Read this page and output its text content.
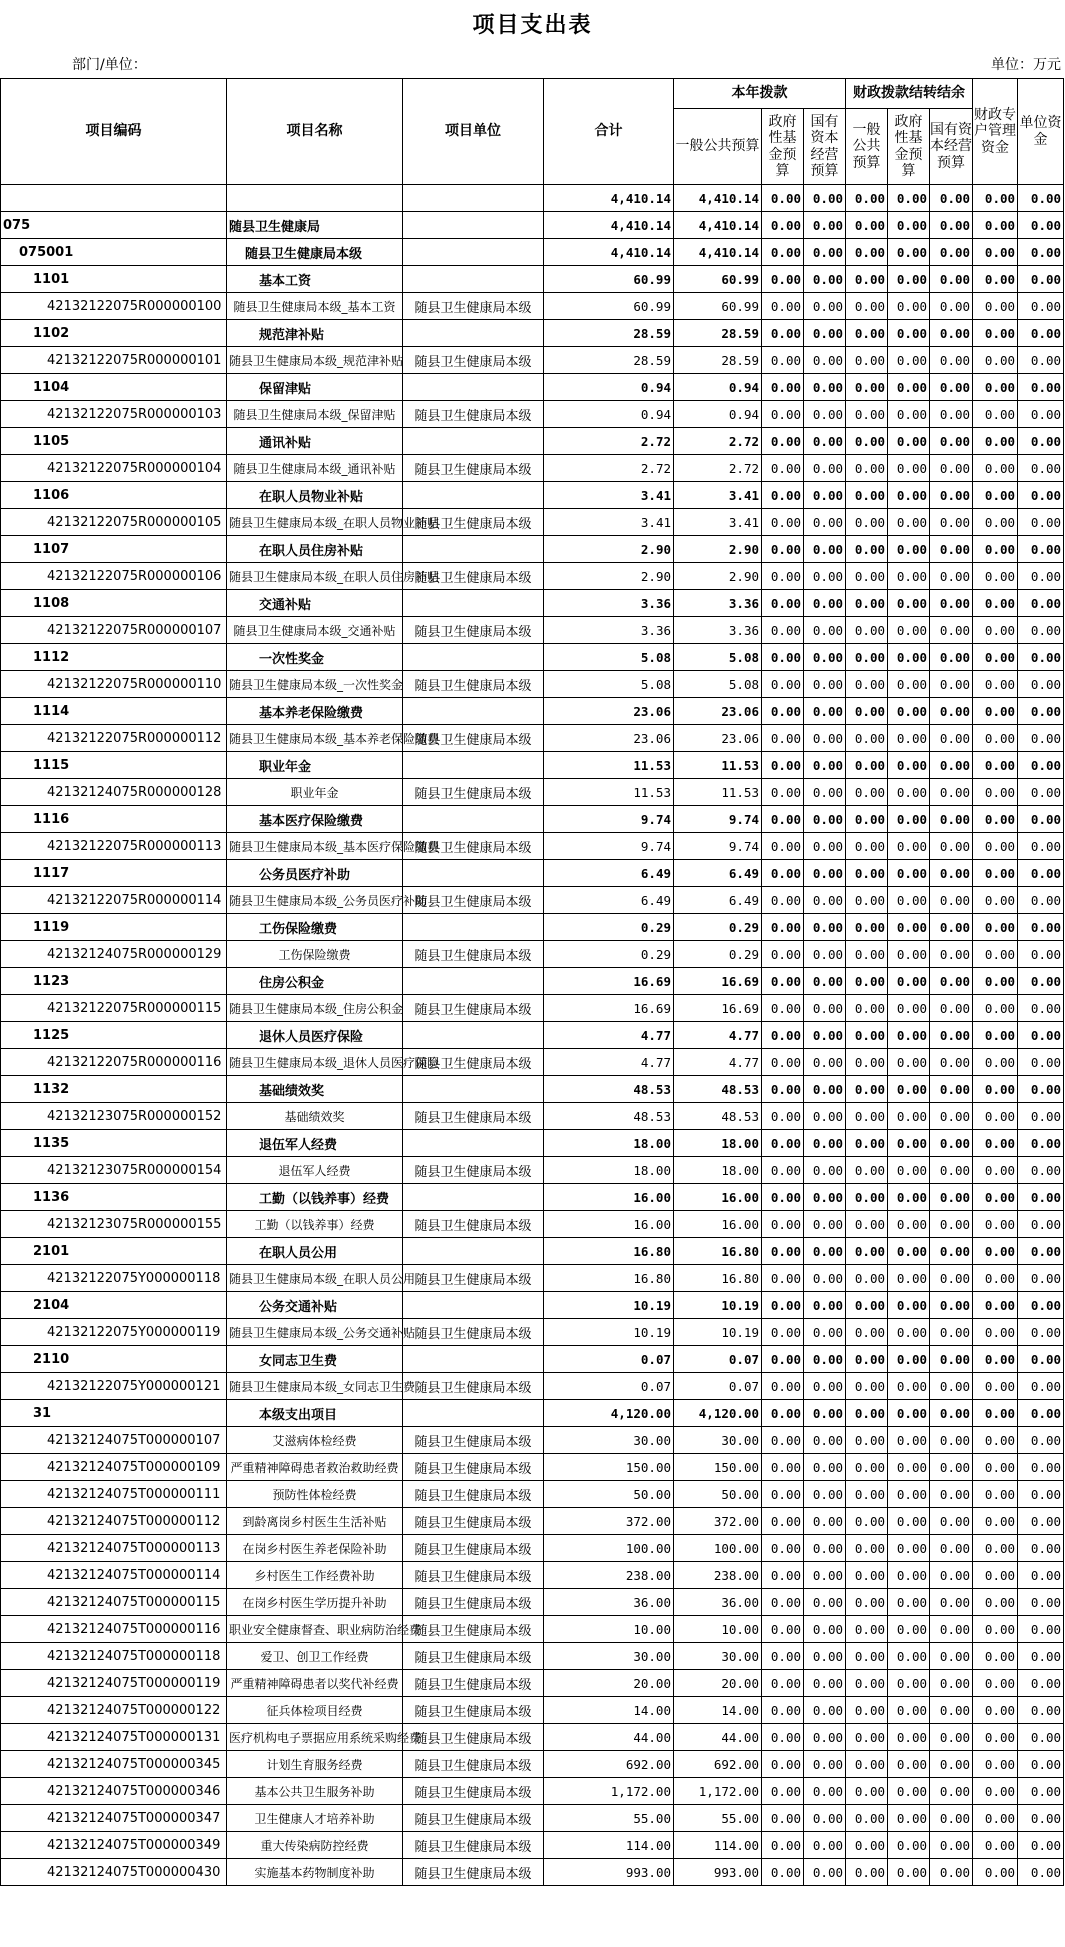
项目支出表
部门/单位：	单位：万元
项目编码	项目名称	项目单位	合计	本年拨款			财政拨款结转结余			财政专户管理资金	单位资金
				一般公共预算	政府性基金预算	国有资本经营预算	一般公共预算	政府性基金预算	国有资本经营预算		
			4,410.14	4,410.14	0.00	0.00	0.00	0.00	0.00	0.00	0.00
075	随县卫生健康局		4,410.14	4,410.14	0.00	0.00	0.00	0.00	0.00	0.00	0.00
075001	随县卫生健康局本级		4,410.14	4,410.14	0.00	0.00	0.00	0.00	0.00	0.00	0.00
1101	基本工资		60.99	60.99	0.00	0.00	0.00	0.00	0.00	0.00	0.00
42132122075R000000100	随县卫生健康局本级_基本工资	随县卫生健康局本级	60.99	60.99	0.00	0.00	0.00	0.00	0.00	0.00	0.00
1102	规范津补贴		28.59	28.59	0.00	0.00	0.00	0.00	0.00	0.00	0.00
42132122075R000000101	随县卫生健康局本级_规范津补贴	随县卫生健康局本级	28.59	28.59	0.00	0.00	0.00	0.00	0.00	0.00	0.00
1104	保留津贴		0.94	0.94	0.00	0.00	0.00	0.00	0.00	0.00	0.00
42132122075R000000103	随县卫生健康局本级_保留津贴	随县卫生健康局本级	0.94	0.94	0.00	0.00	0.00	0.00	0.00	0.00	0.00
1105	通讯补贴		2.72	2.72	0.00	0.00	0.00	0.00	0.00	0.00	0.00
42132122075R000000104	随县卫生健康局本级_通讯补贴	随县卫生健康局本级	2.72	2.72	0.00	0.00	0.00	0.00	0.00	0.00	0.00
1106	在职人员物业补贴		3.41	3.41	0.00	0.00	0.00	0.00	0.00	0.00	0.00
42132122075R000000105	随县卫生健康局本级_在职人员物业补贴	随县卫生健康局本级	3.41	3.41	0.00	0.00	0.00	0.00	0.00	0.00	0.00
1107	在职人员住房补贴		2.90	2.90	0.00	0.00	0.00	0.00	0.00	0.00	0.00
42132122075R000000106	随县卫生健康局本级_在职人员住房补贴	随县卫生健康局本级	2.90	2.90	0.00	0.00	0.00	0.00	0.00	0.00	0.00
1108	交通补贴		3.36	3.36	0.00	0.00	0.00	0.00	0.00	0.00	0.00
42132122075R000000107	随县卫生健康局本级_交通补贴	随县卫生健康局本级	3.36	3.36	0.00	0.00	0.00	0.00	0.00	0.00	0.00
1112	一次性奖金		5.08	5.08	0.00	0.00	0.00	0.00	0.00	0.00	0.00
42132122075R000000110	随县卫生健康局本级_一次性奖金	随县卫生健康局本级	5.08	5.08	0.00	0.00	0.00	0.00	0.00	0.00	0.00
1114	基本养老保险缴费		23.06	23.06	0.00	0.00	0.00	0.00	0.00	0.00	0.00
42132122075R000000112	随县卫生健康局本级_基本养老保险缴费	随县卫生健康局本级	23.06	23.06	0.00	0.00	0.00	0.00	0.00	0.00	0.00
1115	职业年金		11.53	11.53	0.00	0.00	0.00	0.00	0.00	0.00	0.00
42132124075R000000128	职业年金	随县卫生健康局本级	11.53	11.53	0.00	0.00	0.00	0.00	0.00	0.00	0.00
1116	基本医疗保险缴费		9.74	9.74	0.00	0.00	0.00	0.00	0.00	0.00	0.00
42132122075R000000113	随县卫生健康局本级_基本医疗保险缴费	随县卫生健康局本级	9.74	9.74	0.00	0.00	0.00	0.00	0.00	0.00	0.00
1117	公务员医疗补助		6.49	6.49	0.00	0.00	0.00	0.00	0.00	0.00	0.00
42132122075R000000114	随县卫生健康局本级_公务员医疗补助	随县卫生健康局本级	6.49	6.49	0.00	0.00	0.00	0.00	0.00	0.00	0.00
1119	工伤保险缴费		0.29	0.29	0.00	0.00	0.00	0.00	0.00	0.00	0.00
42132124075R000000129	工伤保险缴费	随县卫生健康局本级	0.29	0.29	0.00	0.00	0.00	0.00	0.00	0.00	0.00
1123	住房公积金		16.69	16.69	0.00	0.00	0.00	0.00	0.00	0.00	0.00
42132122075R000000115	随县卫生健康局本级_住房公积金	随县卫生健康局本级	16.69	16.69	0.00	0.00	0.00	0.00	0.00	0.00	0.00
1125	退休人员医疗保险		4.77	4.77	0.00	0.00	0.00	0.00	0.00	0.00	0.00
42132122075R000000116	随县卫生健康局本级_退休人员医疗保险	随县卫生健康局本级	4.77	4.77	0.00	0.00	0.00	0.00	0.00	0.00	0.00
1132	基础绩效奖		48.53	48.53	0.00	0.00	0.00	0.00	0.00	0.00	0.00
42132123075R000000152	基础绩效奖	随县卫生健康局本级	48.53	48.53	0.00	0.00	0.00	0.00	0.00	0.00	0.00
1135	退伍军人经费		18.00	18.00	0.00	0.00	0.00	0.00	0.00	0.00	0.00
42132123075R000000154	退伍军人经费	随县卫生健康局本级	18.00	18.00	0.00	0.00	0.00	0.00	0.00	0.00	0.00
1136	工勤（以钱养事）经费		16.00	16.00	0.00	0.00	0.00	0.00	0.00	0.00	0.00
42132123075R000000155	工勤（以钱养事）经费	随县卫生健康局本级	16.00	16.00	0.00	0.00	0.00	0.00	0.00	0.00	0.00
2101	在职人员公用		16.80	16.80	0.00	0.00	0.00	0.00	0.00	0.00	0.00
42132122075Y000000118	随县卫生健康局本级_在职人员公用	随县卫生健康局本级	16.80	16.80	0.00	0.00	0.00	0.00	0.00	0.00	0.00
2104	公务交通补贴		10.19	10.19	0.00	0.00	0.00	0.00	0.00	0.00	0.00
42132122075Y000000119	随县卫生健康局本级_公务交通补贴	随县卫生健康局本级	10.19	10.19	0.00	0.00	0.00	0.00	0.00	0.00	0.00
2110	女同志卫生费		0.07	0.07	0.00	0.00	0.00	0.00	0.00	0.00	0.00
42132122075Y000000121	随县卫生健康局本级_女同志卫生费	随县卫生健康局本级	0.07	0.07	0.00	0.00	0.00	0.00	0.00	0.00	0.00
31	本级支出项目		4,120.00	4,120.00	0.00	0.00	0.00	0.00	0.00	0.00	0.00
42132124075T000000107	艾滋病体检经费	随县卫生健康局本级	30.00	30.00	0.00	0.00	0.00	0.00	0.00	0.00	0.00
42132124075T000000109	严重精神障碍患者救治救助经费	随县卫生健康局本级	150.00	150.00	0.00	0.00	0.00	0.00	0.00	0.00	0.00
42132124075T000000111	预防性体检经费	随县卫生健康局本级	50.00	50.00	0.00	0.00	0.00	0.00	0.00	0.00	0.00
42132124075T000000112	到龄离岗乡村医生生活补贴	随县卫生健康局本级	372.00	372.00	0.00	0.00	0.00	0.00	0.00	0.00	0.00
42132124075T000000113	在岗乡村医生养老保险补助	随县卫生健康局本级	100.00	100.00	0.00	0.00	0.00	0.00	0.00	0.00	0.00
42132124075T000000114	乡村医生工作经费补助	随县卫生健康局本级	238.00	238.00	0.00	0.00	0.00	0.00	0.00	0.00	0.00
42132124075T000000115	在岗乡村医生学历提升补助	随县卫生健康局本级	36.00	36.00	0.00	0.00	0.00	0.00	0.00	0.00	0.00
42132124075T000000116	职业安全健康督查、职业病防治经费	随县卫生健康局本级	10.00	10.00	0.00	0.00	0.00	0.00	0.00	0.00	0.00
42132124075T000000118	爱卫、创卫工作经费	随县卫生健康局本级	30.00	30.00	0.00	0.00	0.00	0.00	0.00	0.00	0.00
42132124075T000000119	严重精神障碍患者以奖代补经费	随县卫生健康局本级	20.00	20.00	0.00	0.00	0.00	0.00	0.00	0.00	0.00
42132124075T000000122	征兵体检项目经费	随县卫生健康局本级	14.00	14.00	0.00	0.00	0.00	0.00	0.00	0.00	0.00
42132124075T000000131	医疗机构电子票据应用系统采购经费	随县卫生健康局本级	44.00	44.00	0.00	0.00	0.00	0.00	0.00	0.00	0.00
42132124075T000000345	计划生育服务经费	随县卫生健康局本级	692.00	692.00	0.00	0.00	0.00	0.00	0.00	0.00	0.00
42132124075T000000346	基本公共卫生服务补助	随县卫生健康局本级	1,172.00	1,172.00	0.00	0.00	0.00	0.00	0.00	0.00	0.00
42132124075T000000347	卫生健康人才培养补助	随县卫生健康局本级	55.00	55.00	0.00	0.00	0.00	0.00	0.00	0.00	0.00
42132124075T000000349	重大传染病防控经费	随县卫生健康局本级	114.00	114.00	0.00	0.00	0.00	0.00	0.00	0.00	0.00
42132124075T000000430	实施基本药物制度补助	随县卫生健康局本级	993.00	993.00	0.00	0.00	0.00	0.00	0.00	0.00	0.00
